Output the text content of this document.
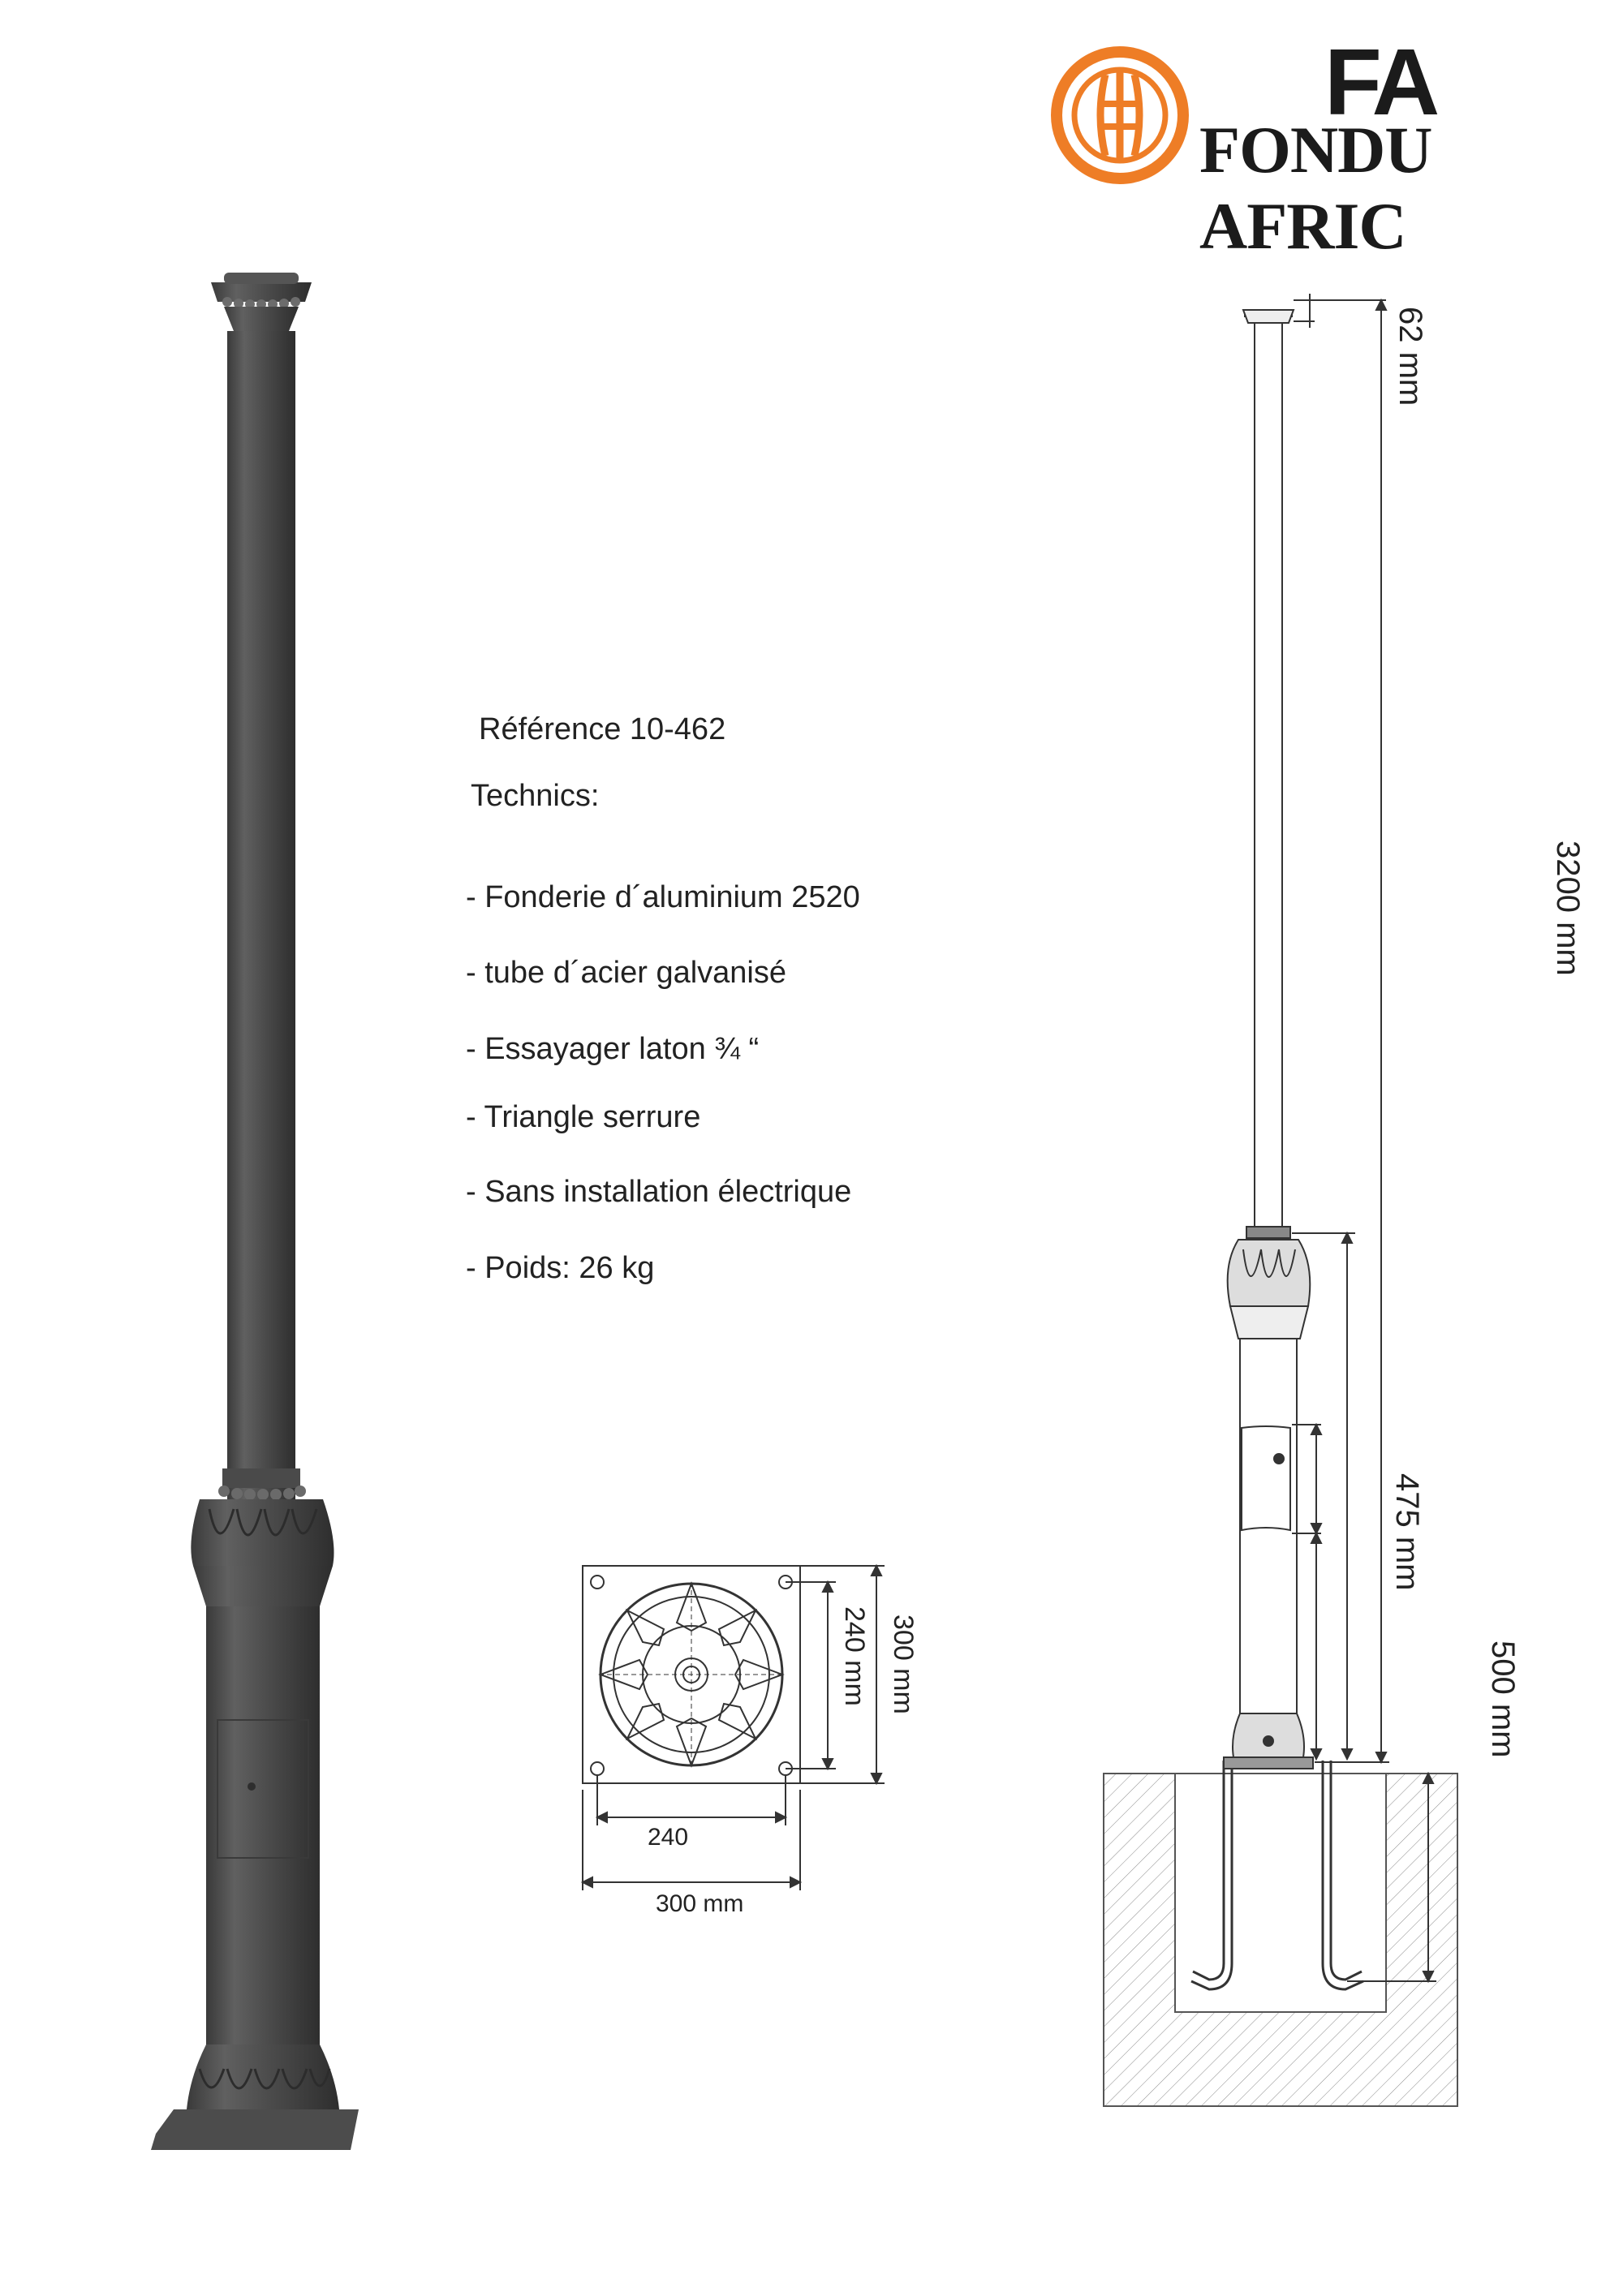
FA
FONDU AFRIC
Référence 10-462
Technics:
- Fonderie d´aluminium 2520
- tube d´acier galvanisé
- Essayager laton ¾ “
- Triangle serrure
- Sans installation électrique
- Poids: 26 kg
240
300 mm
240 mm 300 mm
62 mm
3200 mm
475 mm
500 mm
